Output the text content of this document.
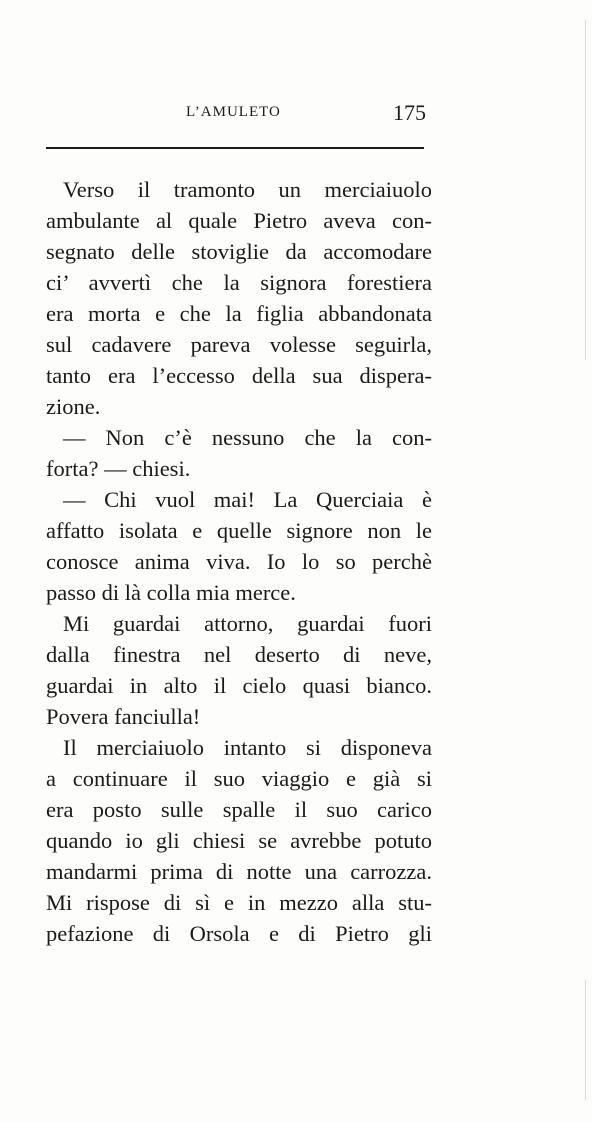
L’AMULETO	175
Verso il tramonto un merciaiuolo
ambulante al quale Pietro aveva con-
segnato delle stoviglie da accomodare
ci’ avvertì che la signora forestiera
era morta e che la figlia abbandonata
sul cadavere pareva volesse seguirla,
tanto era l’eccesso della sua dispera-
zione.
— Non c’è nessuno che la con-
forta? — chiesi.
— Chi vuol mai! La Querciaia è
affatto isolata e quelle signore non le
conosce anima viva. Io lo so perchè
passo di là colla mia merce.
Mi guardai attorno, guardai fuori
dalla finestra nel deserto di neve,
guardai in alto il cielo quasi bianco.
Povera fanciulla!
Il merciaiuolo intanto si disponeva
a continuare il suo viaggio e già si
era posto sulle spalle il suo carico
quando io gli chiesi se avrebbe potuto
mandarmi prima di notte una carrozza.
Mi rispose di sì e in mezzo alla stu-
pefazione di Orsola e di Pietro gli
